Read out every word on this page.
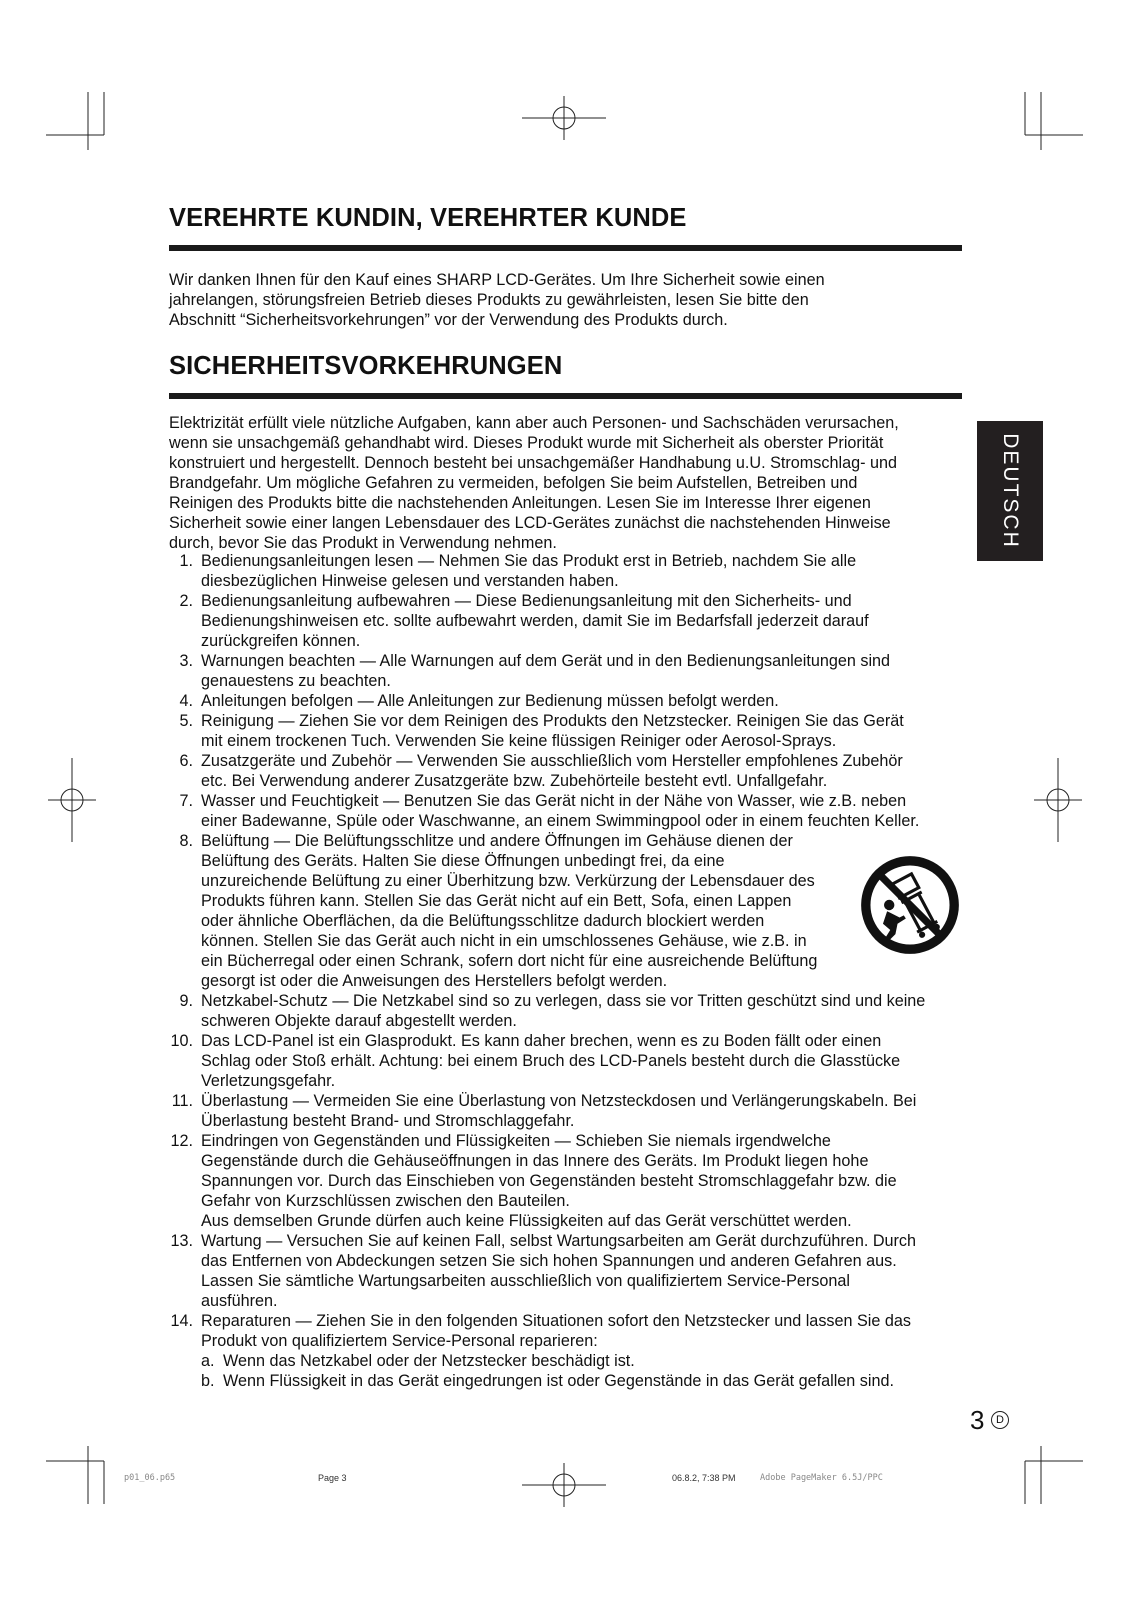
VEREHRTE KUNDIN, VEREHRTER KUNDE

Wir danken Ihnen für den Kauf eines SHARP LCD-Gerätes. Um Ihre Sicherheit sowie einen
jahrelangen, störungsfreien Betrieb dieses Produkts zu gewährleisten, lesen Sie bitte den
Abschnitt “Sicherheitsvorkehrungen” vor der Verwendung des Produkts durch.

SICHERHEITSVORKEHRUNGEN

Elektrizität erfüllt viele nützliche Aufgaben, kann aber auch Personen- und Sachschäden verursachen,
wenn sie unsachgemäß gehandhabt wird. Dieses Produkt wurde mit Sicherheit als oberster Priorität
konstruiert und hergestellt. Dennoch besteht bei unsachgemäßer Handhabung u.U. Stromschlag- und
Brandgefahr. Um mögliche Gefahren zu vermeiden, befolgen Sie beim Aufstellen, Betreiben und
Reinigen des Produkts bitte die nachstehenden Anleitungen. Lesen Sie im Interesse Ihrer eigenen
Sicherheit sowie einer langen Lebensdauer des LCD-Gerätes zunächst die nachstehenden Hinweise
durch, bevor Sie das Produkt in Verwendung nehmen.

1. Bedienungsanleitungen lesen — Nehmen Sie das Produkt erst in Betrieb, nachdem Sie alle
diesbezüglichen Hinweise gelesen und verstanden haben.
2. Bedienungsanleitung aufbewahren — Diese Bedienungsanleitung mit den Sicherheits- und
Bedienungshinweisen etc. sollte aufbewahrt werden, damit Sie im Bedarfsfall jederzeit darauf
zurückgreifen können.
3. Warnungen beachten — Alle Warnungen auf dem Gerät und in den Bedienungsanleitungen sind
genauestens zu beachten.
4. Anleitungen befolgen — Alle Anleitungen zur Bedienung müssen befolgt werden.
5. Reinigung — Ziehen Sie vor dem Reinigen des Produkts den Netzstecker. Reinigen Sie das Gerät
mit einem trockenen Tuch. Verwenden Sie keine flüssigen Reiniger oder Aerosol-Sprays.
6. Zusatzgeräte und Zubehör — Verwenden Sie ausschließlich vom Hersteller empfohlenes Zubehör
etc. Bei Verwendung anderer Zusatzgeräte bzw. Zubehörteile besteht evtl. Unfallgefahr.
7. Wasser und Feuchtigkeit — Benutzen Sie das Gerät nicht in der Nähe von Wasser, wie z.B. neben
einer Badewanne, Spüle oder Waschwanne, an einem Swimmingpool oder in einem feuchten Keller.
8. Belüftung — Die Belüftungsschlitze und andere Öffnungen im Gehäuse dienen der
Belüftung des Geräts. Halten Sie diese Öffnungen unbedingt frei, da eine
unzureichende Belüftung zu einer Überhitzung bzw. Verkürzung der Lebensdauer des
Produkts führen kann. Stellen Sie das Gerät nicht auf ein Bett, Sofa, einen Lappen
oder ähnliche Oberflächen, da die Belüftungsschlitze dadurch blockiert werden
können. Stellen Sie das Gerät auch nicht in ein umschlossenes Gehäuse, wie z.B. in
ein Bücherregal oder einen Schrank, sofern dort nicht für eine ausreichende Belüftung
gesorgt ist oder die Anweisungen des Herstellers befolgt werden.
9. Netzkabel-Schutz — Die Netzkabel sind so zu verlegen, dass sie vor Tritten geschützt sind und keine
schweren Objekte darauf abgestellt werden.
10. Das LCD-Panel ist ein Glasprodukt. Es kann daher brechen, wenn es zu Boden fällt oder einen
Schlag oder Stoß erhält. Achtung: bei einem Bruch des LCD-Panels besteht durch die Glasstücke
Verletzungsgefahr.
11. Überlastung — Vermeiden Sie eine Überlastung von Netzsteckdosen und Verlängerungskabeln. Bei
Überlastung besteht Brand- und Stromschlaggefahr.
12. Eindringen von Gegenständen und Flüssigkeiten — Schieben Sie niemals irgendwelche
Gegenstände durch die Gehäuseöffnungen in das Innere des Geräts. Im Produkt liegen hohe
Spannungen vor. Durch das Einschieben von Gegenständen besteht Stromschlaggefahr bzw. die
Gefahr von Kurzschlüssen zwischen den Bauteilen.
Aus demselben Grunde dürfen auch keine Flüssigkeiten auf das Gerät verschüttet werden.
13. Wartung — Versuchen Sie auf keinen Fall, selbst Wartungsarbeiten am Gerät durchzuführen. Durch
das Entfernen von Abdeckungen setzen Sie sich hohen Spannungen und anderen Gefahren aus.
Lassen Sie sämtliche Wartungsarbeiten ausschließlich von qualifiziertem Service-Personal
ausführen.
14. Reparaturen — Ziehen Sie in den folgenden Situationen sofort den Netzstecker und lassen Sie das
Produkt von qualifiziertem Service-Personal reparieren:
a. Wenn das Netzkabel oder der Netzstecker beschädigt ist.
b. Wenn Flüssigkeit in das Gerät eingedrungen ist oder Gegenstände in das Gerät gefallen sind.
DEUTSCH
3	D
p01_06.p65	Page 3	06.8.2, 7:38 PM	Adobe PageMaker 6.5J/PPC
